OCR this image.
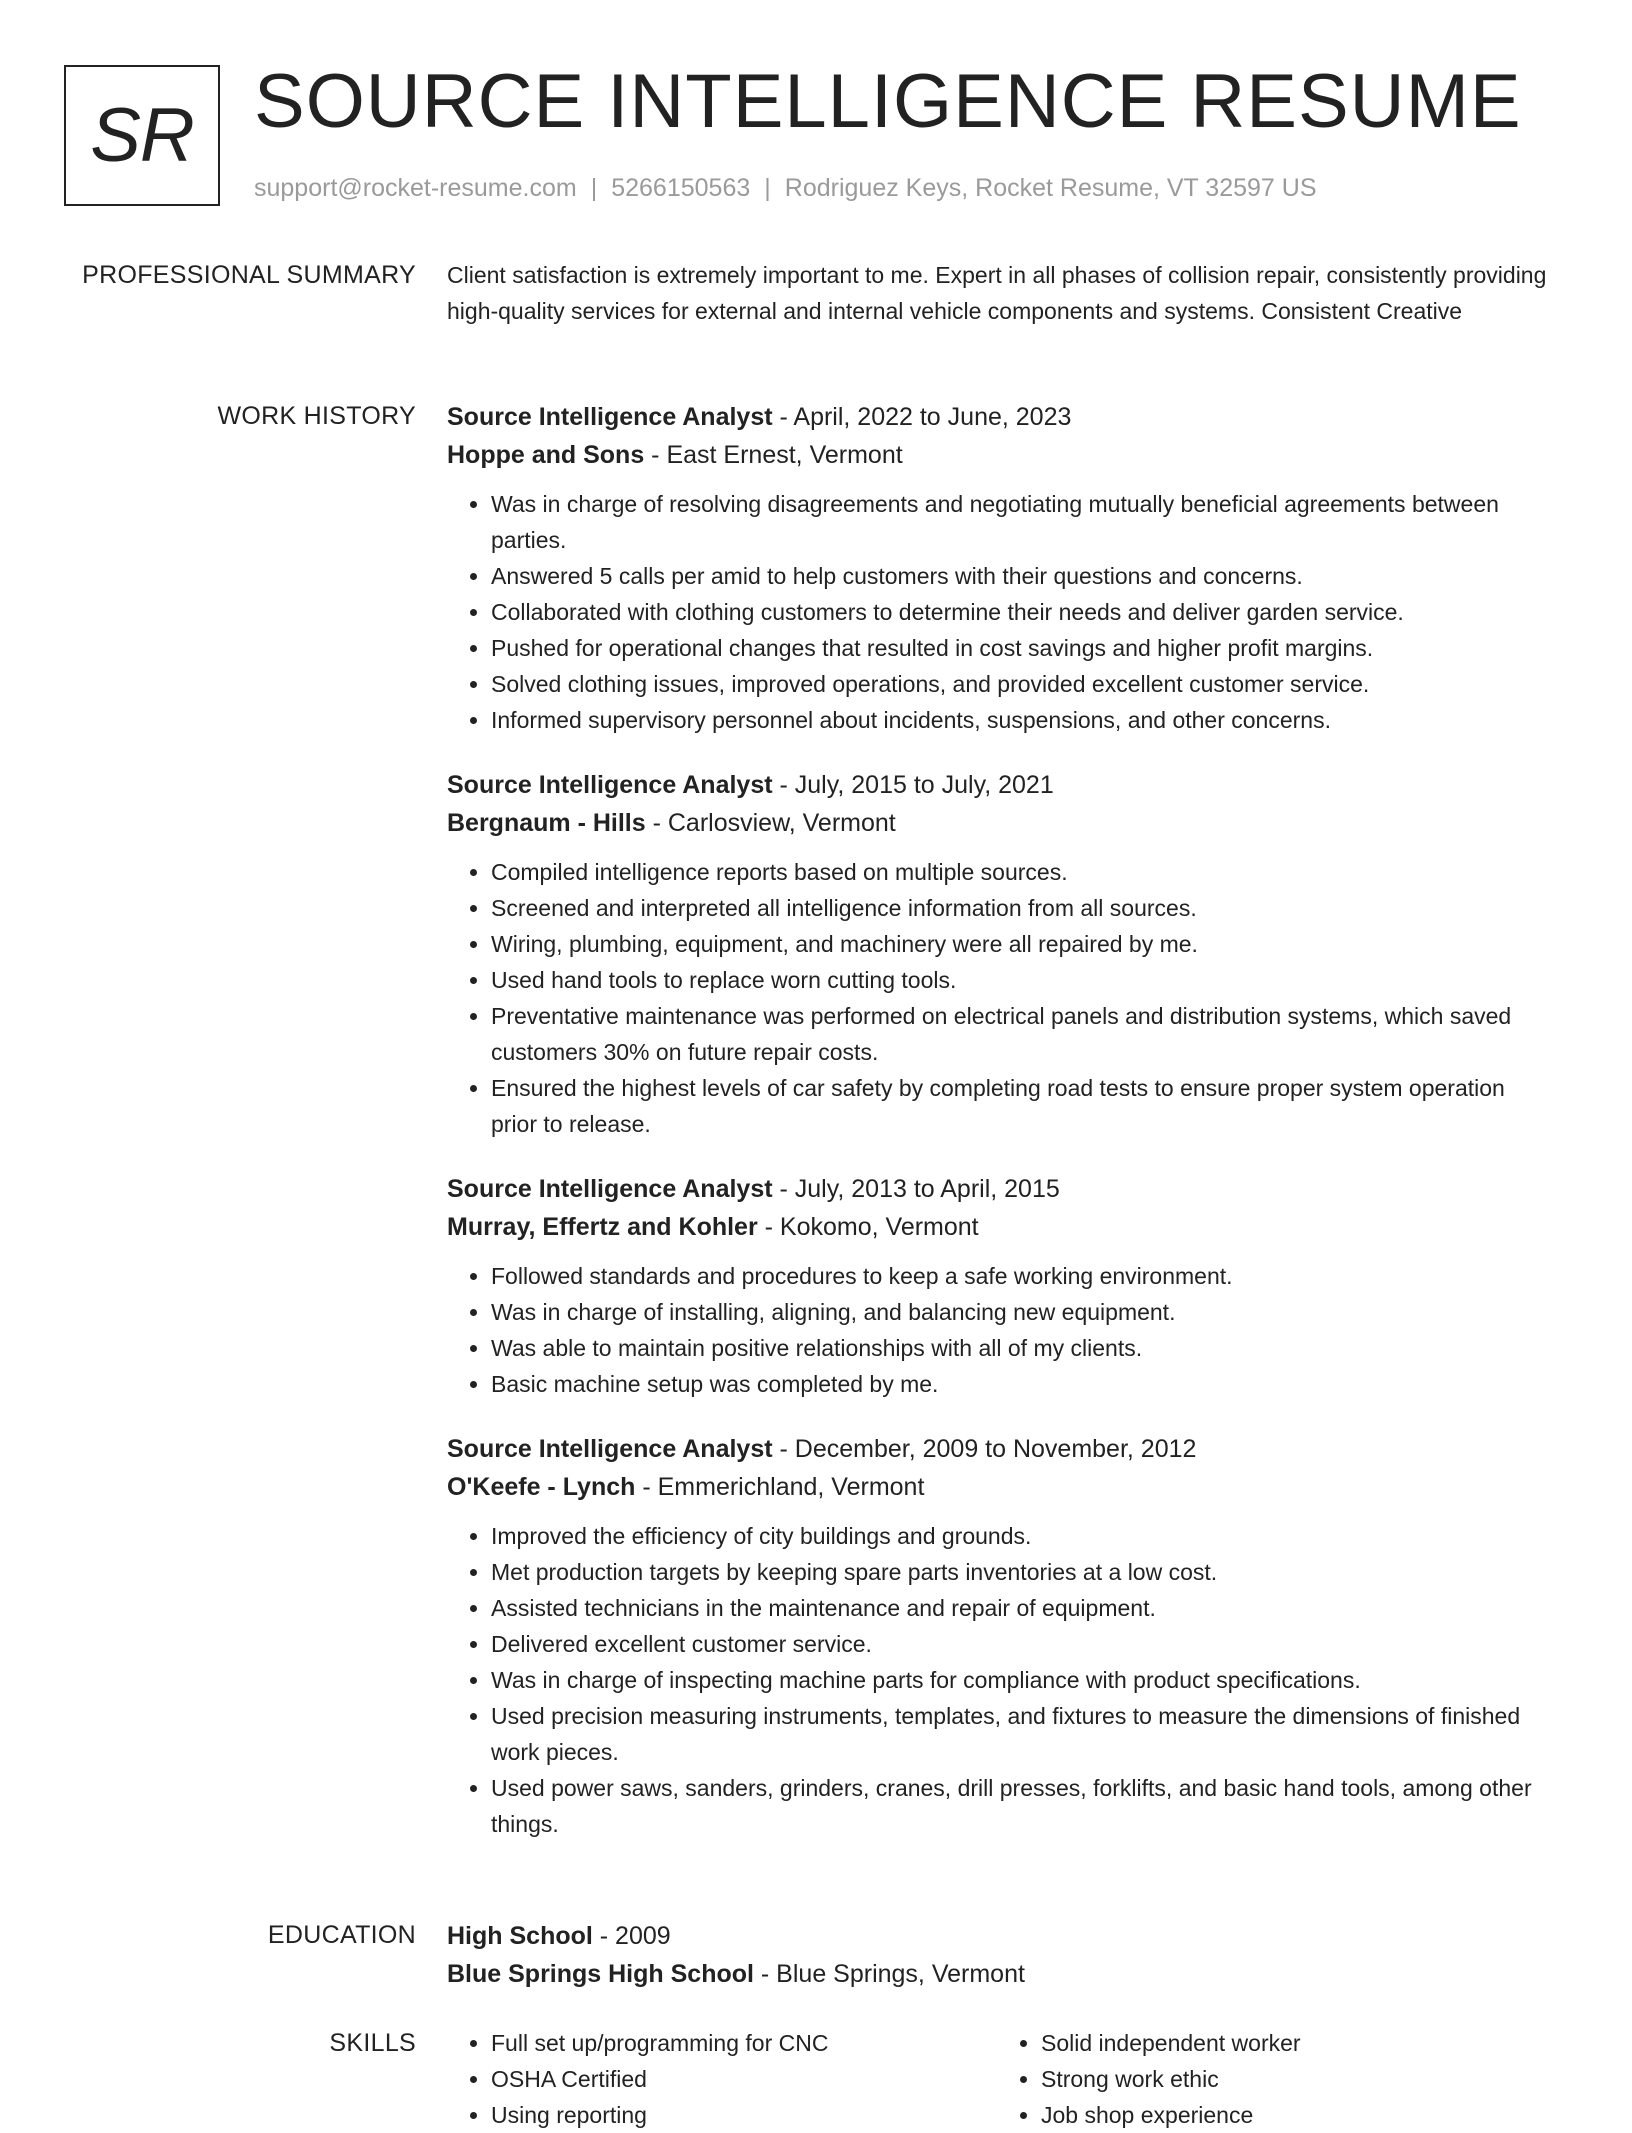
SR SOURCE INTELLIGENCE RESUME
support@rocket-resume.com | 5266150563 | Rodriguez Keys, Rocket Resume, VT 32597 US
PROFESSIONAL SUMMARY Client satisfaction is extremely important to me. Expert in all phases of collision repair, consistently providing high-quality services for external and internal vehicle components and systems. Consistent Creative

WORK HISTORY Source Intelligence Analyst - April, 2022 to June, 2023
Hoppe and Sons - East Ernest, Vermont
• Was in charge of resolving disagreements and negotiating mutually beneficial agreements between parties.
• Answered 5 calls per amid to help customers with their questions and concerns.
• Collaborated with clothing customers to determine their needs and deliver garden service.
• Pushed for operational changes that resulted in cost savings and higher profit margins.
• Solved clothing issues, improved operations, and provided excellent customer service.
• Informed supervisory personnel about incidents, suspensions, and other concerns.
Source Intelligence Analyst - July, 2015 to July, 2021
Bergnaum - Hills - Carlosview, Vermont
• Compiled intelligence reports based on multiple sources.
• Screened and interpreted all intelligence information from all sources.
• Wiring, plumbing, equipment, and machinery were all repaired by me.
• Used hand tools to replace worn cutting tools.
• Preventative maintenance was performed on electrical panels and distribution systems, which saved customers 30% on future repair costs.
• Ensured the highest levels of car safety by completing road tests to ensure proper system operation prior to release.
Source Intelligence Analyst - July, 2013 to April, 2015
Murray, Effertz and Kohler - Kokomo, Vermont
• Followed standards and procedures to keep a safe working environment.
• Was in charge of installing, aligning, and balancing new equipment.
• Was able to maintain positive relationships with all of my clients.
• Basic machine setup was completed by me.
Source Intelligence Analyst - December, 2009 to November, 2012
O'Keefe - Lynch - Emmerichland, Vermont
• Improved the efficiency of city buildings and grounds.
• Met production targets by keeping spare parts inventories at a low cost.
• Assisted technicians in the maintenance and repair of equipment.
• Delivered excellent customer service.
• Was in charge of inspecting machine parts for compliance with product specifications.
• Used precision measuring instruments, templates, and fixtures to measure the dimensions of finished work pieces.
• Used power saws, sanders, grinders, cranes, drill presses, forklifts, and basic hand tools, among other things.
EDUCATION High School - 2009
Blue Springs High School - Blue Springs, Vermont
SKILLS
•	Full set up/programming for CNC
• OSHA Certified
• Using reporting
• Solid independent worker
• Strong work ethic
• Job shop experience
